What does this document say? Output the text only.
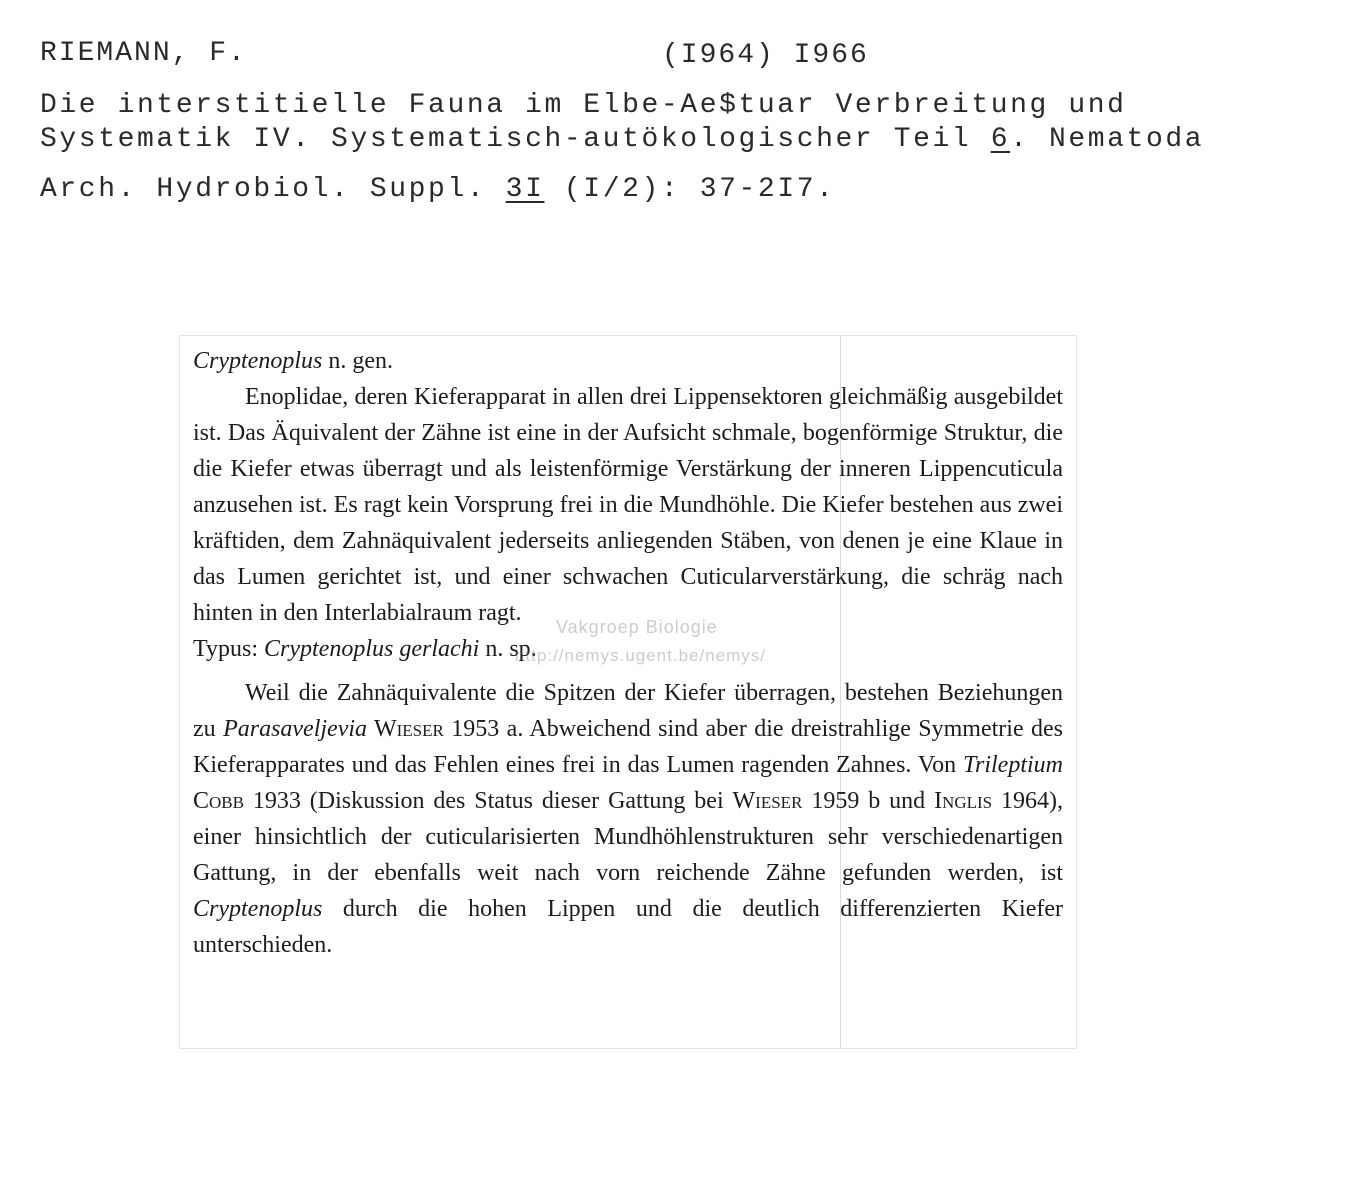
RIEMANN, F.	(I964) I966
Die interstitielle Fauna im Elbe-Ae$tuar Verbreitung und
Systematik IV. Systematisch-autökologischer Teil 6. Nematoda
Arch. Hydrobiol. Suppl. 3I (I/2): 37-2I7.

Cryptenoplus n. gen.

Enoplidae, deren Kieferapparat in allen drei Lippensektoren gleichmäßig ausgebildet ist. Das Äquivalent der Zähne ist eine in der Aufsicht schmale, bogenförmige Struktur, die die Kiefer etwas überragt und als leistenförmige Verstärkung der inneren Lippencuticula anzusehen ist. Es ragt kein Vorsprung frei in die Mundhöhle. Die Kiefer bestehen aus zwei kräftiden, dem Zahnäquivalent jederseits anliegenden Stäben, von denen je eine Klaue in das Lumen gerichtet ist, und einer schwachen Cuticularverstärkung, die schräg nach hinten in den Interlabialraum ragt.

Typus: Cryptenoplus gerlachi n. sp.

Weil die Zahnäquivalente die Spitzen der Kiefer überragen, bestehen Beziehungen zu Parasaveljevia Wieser 1953 a. Abweichend sind aber die dreistrahlige Symmetrie des Kieferapparates und das Fehlen eines frei in das Lumen ragenden Zahnes. Von Trileptium Cobb 1933 (Diskussion des Status dieser Gattung bei Wieser 1959 b und Inglis 1964), einer hinsichtlich der cuticularisierten Mundhöhlenstrukturen sehr verschiedenartigen Gattung, in der ebenfalls weit nach vorn reichende Zähne gefunden werden, ist Cryptenoplus durch die hohen Lippen und die deutlich differenzierten Kiefer unterschieden.

Vakgroep Biologie
http://nemys.ugent.be/nemys/
